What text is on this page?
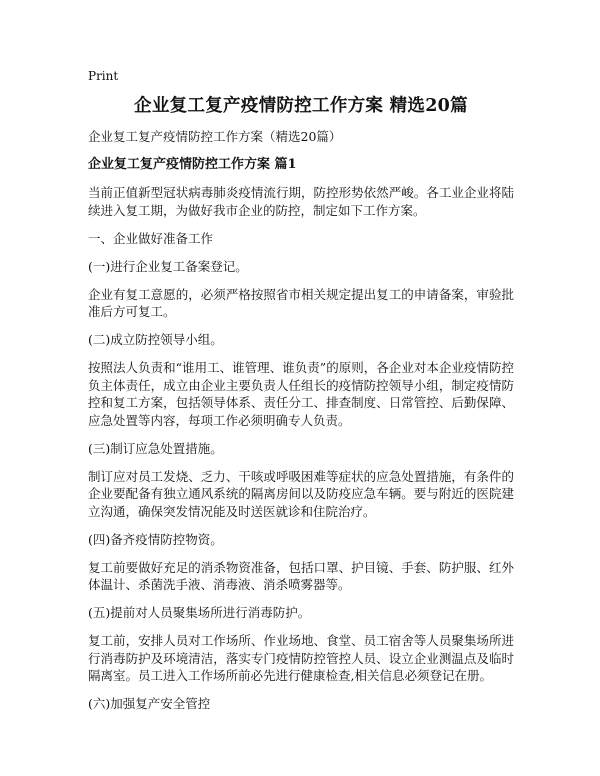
Print
企业复工复产疫情防控工作方案 精选20篇
企业复工复产疫情防控工作方案（精选20篇）
企业复工复产疫情防控工作方案 篇1

当前正值新型冠状病毒肺炎疫情流行期，防控形势依然严峻。各工业企业将陆续进入复工期，为做好我市企业的防控，制定如下工作方案。

一、企业做好准备工作

(一)进行企业复工备案登记。

企业有复工意愿的，必须严格按照省市相关规定提出复工的申请备案，审验批准后方可复工。

(二)成立防控领导小组。

按照法人负责和“谁用工、谁管理、谁负责”的原则，各企业对本企业疫情防控负主体责任，成立由企业主要负责人任组长的疫情防控领导小组，制定疫情防控和复工方案，包括领导体系、责任分工、排查制度、日常管控、后勤保障、应急处置等内容，每项工作必须明确专人负责。

(三)制订应急处置措施。

制订应对员工发烧、乏力、干咳或呼吸困难等症状的应急处置措施，有条件的企业要配备有独立通风系统的隔离房间以及防疫应急车辆。要与附近的医院建立沟通，确保突发情况能及时送医就诊和住院治疗。

(四)备齐疫情防控物资。

复工前要做好充足的消杀物资准备，包括口罩、护目镜、手套、防护服、红外体温计、杀菌洗手液、消毒液、消杀喷雾器等。

(五)提前对人员聚集场所进行消毒防护。

复工前，安排人员对工作场所、作业场地、食堂、员工宿舍等人员聚集场所进行消毒防护及环境清洁，落实专门疫情防控管控人员、设立企业测温点及临时隔离室。员工进入工作场所前必先进行健康检查,相关信息必须登记在册。

(六)加强复产安全管控
